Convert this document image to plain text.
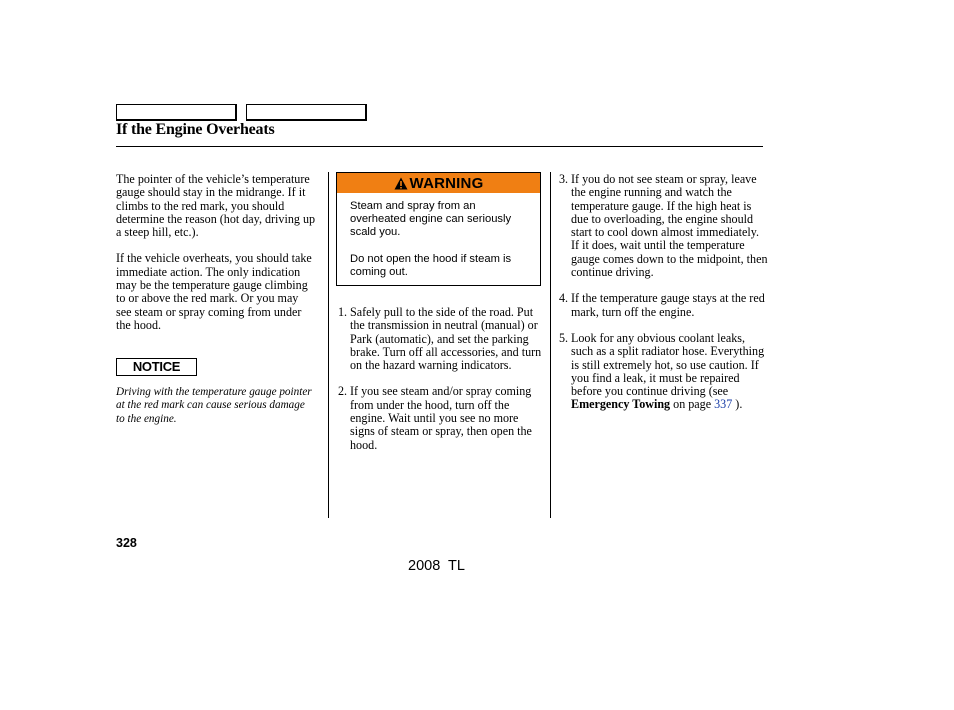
If the Engine Overheats

The pointer of the vehicle’s temperature gauge should stay in the midrange. If it climbs to the red mark, you should determine the reason (hot day, driving up a steep hill, etc.).

If the vehicle overheats, you should take immediate action. The only indication may be the temperature gauge climbing to or above the red mark. Or you may see steam or spray coming from under the hood.

NOTICE

Driving with the temperature gauge pointer at the red mark can cause serious damage to the engine.

WARNING

Steam and spray from an overheated engine can seriously scald you.

Do not open the hood if steam is coming out.

1. Safely pull to the side of the road. Put the transmission in neutral (manual) or Park (automatic), and set the parking brake. Turn off all accessories, and turn on the hazard warning indicators.

2. If you see steam and/or spray coming from under the hood, turn off the engine. Wait until you see no more signs of steam or spray, then open the hood.

3. If you do not see steam or spray, leave the engine running and watch the temperature gauge. If the high heat is due to overloading, the engine should start to cool down almost immediately. If it does, wait until the temperature gauge comes down to the midpoint, then continue driving.

4. If the temperature gauge stays at the red mark, turn off the engine.

5. Look for any obvious coolant leaks, such as a split radiator hose. Everything is still extremely hot, so use caution. If you find a leak, it must be repaired before you continue driving (see Emergency Towing on page 337 ).

328
2008  TL
